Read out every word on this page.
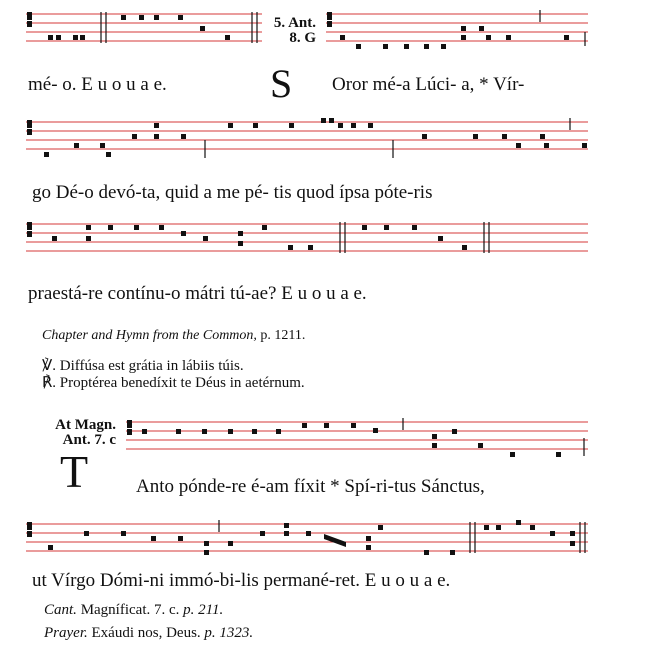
5. Ant.
8. G
mé- o. E u o u a e.	S Oror mé-a Lúci- a, * Vír-
go Dé-o devó-ta, quid a me pé- tis quod ípsa póte-ris
praestá-re contínu-o mátri tú-ae? E u o u a e.
Chapter and Hymn from the Common, p. 1211.
℣. Diffúsa est grátia in lábiis túis.
℟. Proptérea benedíxit te Déus in aetérnum.
At Magn.
Ant. 7. c
T	Anto pónde-re é-am fíxit * Spí-ri-tus Sánctus,
ut Vírgo Dómi-ni immó-bi-lis permané-ret. E u o u a e.
Cant. Magníficat. 7. c. p. 211.
Prayer. Exáudi nos, Deus. p. 1323.
